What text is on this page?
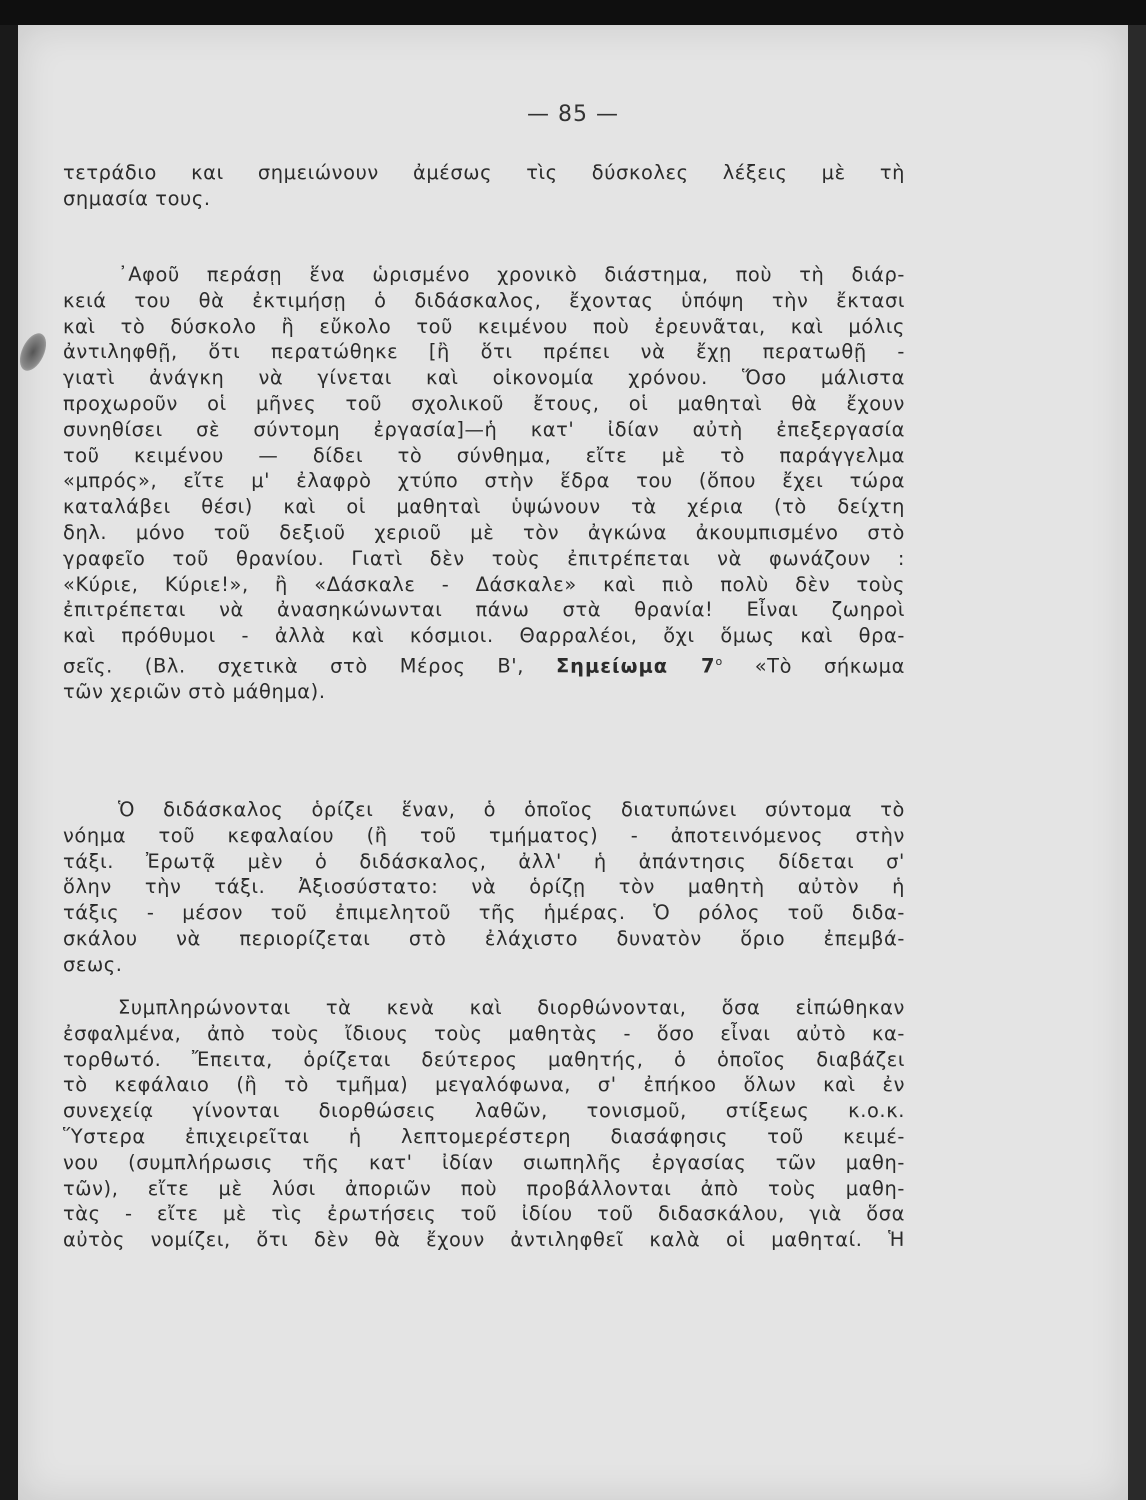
— 85 —
τετράδιο και σημειώνουν ἀμέσως τὶς δύσκολες λέξεις μὲ τὴ
σημασία τους.
᾿Αφοῦ περάσῃ ἕνα ὡρισμένο χρονικὸ διάστημα, ποὺ τὴ διάρ-
κειά του θὰ ἐκτιμήσῃ ὁ διδάσκαλος, ἔχοντας ὑπόψη τὴν ἔκτασι
καὶ τὸ δύσκολο ἢ εὔκολο τοῦ κειμένου ποὺ ἐρευνᾶται, καὶ μόλις
ἀντιληφθῇ, ὅτι περατώθηκε [ἢ ὅτι πρέπει νὰ ἔχῃ περατωθῇ -
γιατὶ ἀνάγκη νὰ γίνεται καὶ οἰκονομία χρόνου. Ὅσο μάλιστα
προχωροῦν οἱ μῆνες τοῦ σχολικοῦ ἔτους, οἱ μαθηταὶ θὰ ἔχουν
συνηθίσει σὲ σύντομη ἐργασία]—ἡ κατ' ἰδίαν αὐτὴ ἐπεξεργασία
τοῦ κειμένου — δίδει τὸ σύνθημα, εἴτε μὲ τὸ παράγγελμα
«μπρός», εἴτε μ' ἐλαφρὸ χτύπο στὴν ἕδρα του (ὅπου ἔχει τώρα
καταλάβει θέσι) καὶ οἱ μαθηταὶ ὑψώνουν τὰ χέρια (τὸ δείχτη
δηλ. μόνο τοῦ δεξιοῦ χεριοῦ μὲ τὸν ἀγκώνα ἀκουμπισμένο στὸ
γραφεῖο τοῦ θρανίου. Γιατὶ δὲν τοὺς ἐπιτρέπεται νὰ φωνάζουν :
«Κύριε, Κύριε!», ἢ «Δάσκαλε - Δάσκαλε» καὶ πιὸ πολὺ δὲν τοὺς
ἐπιτρέπεται νὰ ἀνασηκώνωνται πάνω στὰ θρανία! Εἶναι ζωηροὶ
καὶ πρόθυμοι - ἀλλὰ καὶ κόσμιοι. Θαρραλέοι, ὄχι ὅμως καὶ θρα-
σεῖς. (Βλ. σχετικὰ στὸ Μέρος Β', Σημείωμα $7^o$ «Τὸ σήκωμα
τῶν χεριῶν στὸ μάθημα).
Ὁ διδάσκαλος ὁρίζει ἕναν, ὁ ὁποῖος διατυπώνει σύντομα τὸ
νόημα τοῦ κεφαλαίου (ἢ τοῦ τμήματος) - ἀποτεινόμενος στὴν
τάξι. Ἐρωτᾷ μὲν ὁ διδάσκαλος, ἀλλ' ἡ ἀπάντησις δίδεται σ'
ὅλην τὴν τάξι. Ἀξιοσύστατο: νὰ ὁρίζῃ τὸν μαθητὴ αὐτὸν ἡ
τάξις - μέσον τοῦ ἐπιμελητοῦ τῆς ἡμέρας. Ὁ ρόλος τοῦ διδα-
σκάλου νὰ περιορίζεται στὸ ἐλάχιστο δυνατὸν ὅριο ἐπεμβά-
σεως.
Συμπληρώνονται τὰ κενὰ καὶ διορθώνονται, ὅσα εἰπώθηκαν
ἐσφαλμένα, ἀπὸ τοὺς ἴδιους τοὺς μαθητὰς - ὅσο εἶναι αὐτὸ κα-
τορθωτό. Ἔπειτα, ὁρίζεται δεύτερος μαθητής, ὁ ὁποῖος διαβάζει
τὸ κεφάλαιο (ἢ τὸ τμῆμα) μεγαλόφωνα, σ' ἐπήκοο ὅλων καὶ ἐν
συνεχείᾳ γίνονται διορθώσεις λαθῶν, τονισμοῦ, στίξεως κ.ο.κ.
Ὕστερα ἐπιχειρεῖται ἡ λεπτομερέστερη διασάφησις τοῦ κειμέ-
νου (συμπλήρωσις τῆς κατ' ἰδίαν σιωπηλῆς ἐργασίας τῶν μαθη-
τῶν), εἴτε μὲ λύσι ἀποριῶν ποὺ προβάλλονται ἀπὸ τοὺς μαθη-
τὰς - εἴτε μὲ τὶς ἐρωτήσεις τοῦ ἰδίου τοῦ διδασκάλου, γιὰ ὅσα
αὐτὸς νομίζει, ὅτι δὲν θὰ ἔχουν ἀντιληφθεῖ καλὰ οἱ μαθηταί. Ἡ
